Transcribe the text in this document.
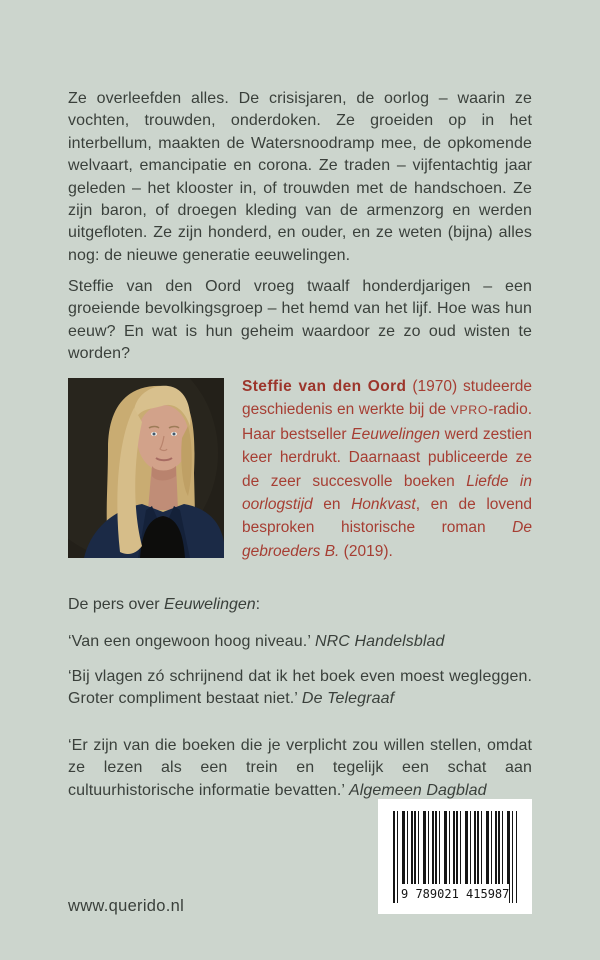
Ze overleefden alles. De crisisjaren, de oorlog – waarin ze vochten, trouwden, onderdoken. Ze groeiden op in het interbellum, maakten de Watersnoodramp mee, de opkomende welvaart, emancipatie en corona. Ze traden – vijfentachtig jaar geleden – het klooster in, of trouwden met de handschoen. Ze zijn baron, of droegen kleding van de armenzorg en werden uitgefloten. Ze zijn honderd, en ouder, en ze weten (bijna) alles nog: de nieuwe generatie eeuwelingen.

Steffie van den Oord vroeg twaalf honderdjarigen – een groeiende bevolkingsgroep – het hemd van het lijf. Hoe was hun eeuw? En wat is hun geheim waardoor ze zo oud wisten te worden?

Steffie van den Oord (1970) studeerde geschiedenis en werkte bij de VPRO-radio. Haar bestseller Eeuwelingen werd zestien keer herdrukt. Daarnaast publiceerde ze de zeer succesvolle boeken Liefde in oorlogstijd en Honkvast, en de lovend besproken historische roman De gebroeders B. (2019).

De pers over Eeuwelingen:

‘Van een ongewoon hoog niveau.’ NRC Handelsblad

‘Bij vlagen zó schrijnend dat ik het boek even moest wegleggen. Groter compliment bestaat niet.’ De Telegraaf

‘Er zijn van die boeken die je verplicht zou willen stellen, omdat ze lezen als een trein en tegelijk een schat aan cultuurhistorische informatie bevatten.’ Algemeen Dagblad

9 789021 415987

www.querido.nl
